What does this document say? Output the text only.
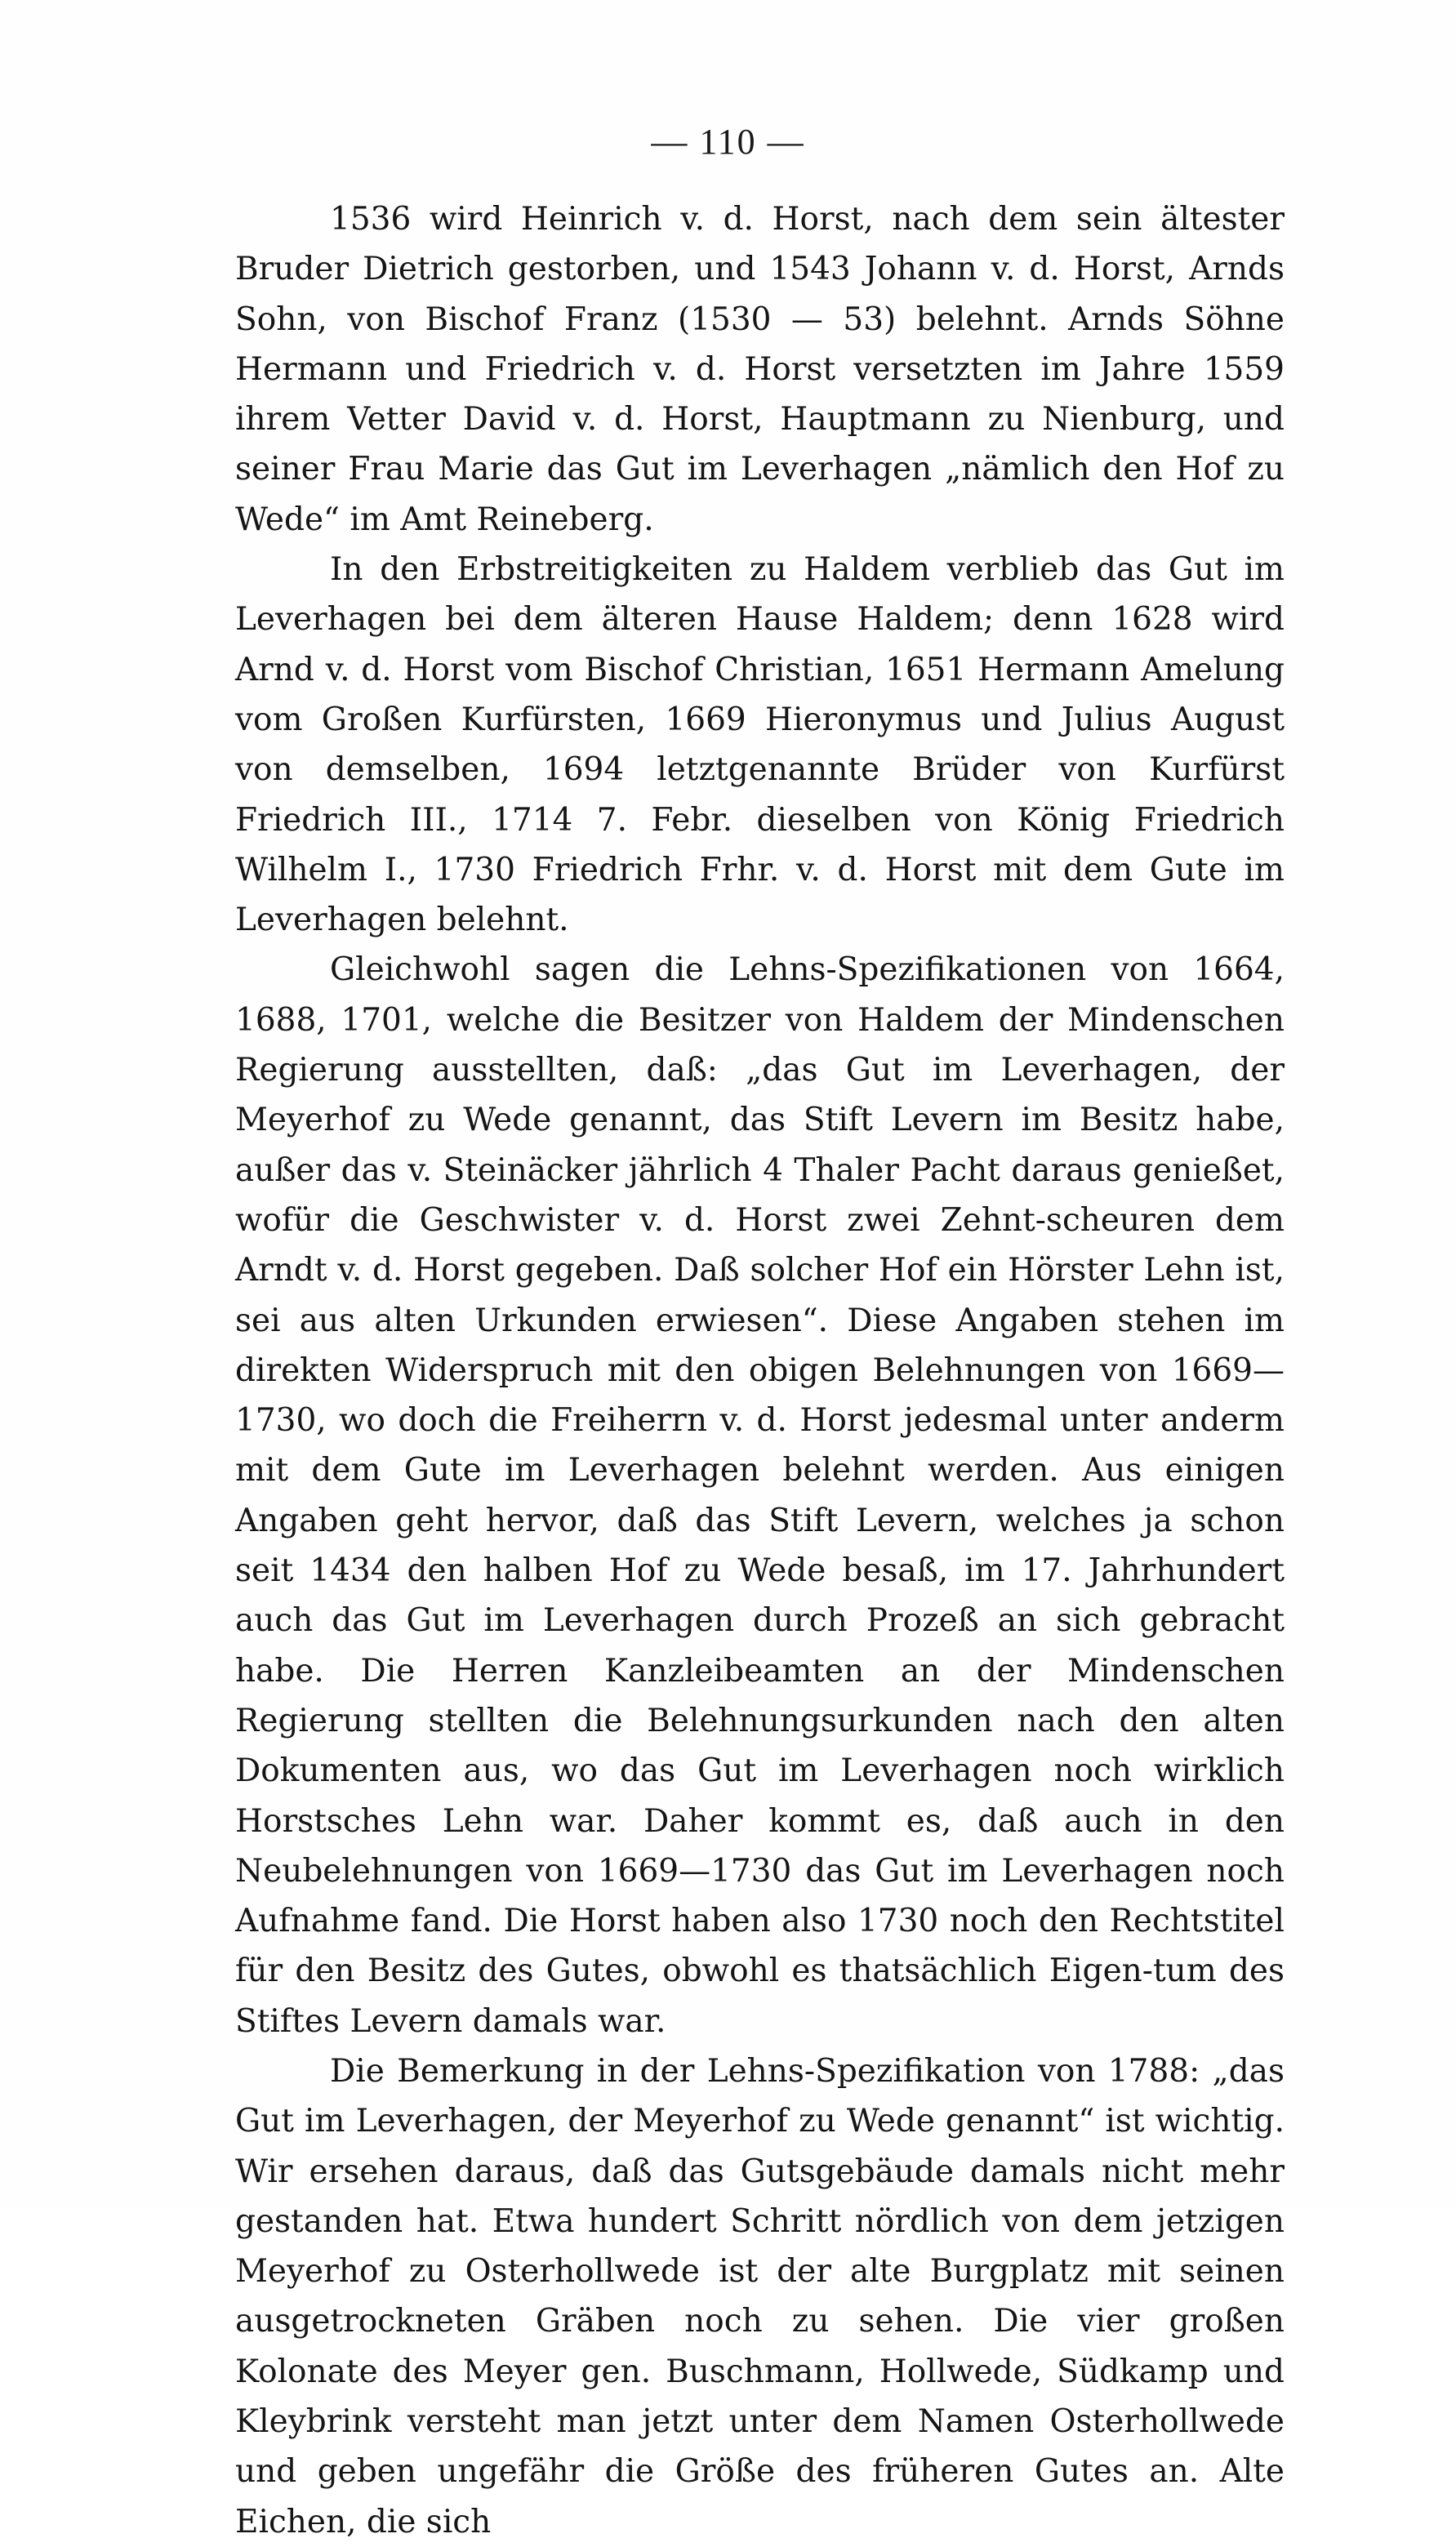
— 110 —

1536 wird Heinrich v. d. Horst, nach dem sein ältester Bruder Dietrich gestorben, und 1543 Johann v. d. Horst, Arnds Sohn, von Bischof Franz (1530 — 53) belehnt. Arnds Söhne Hermann und Friedrich v. d. Horst versetzten im Jahre 1559 ihrem Vetter David v. d. Horst, Hauptmann zu Nienburg, und seiner Frau Marie das Gut im Leverhagen „nämlich den Hof zu Wede“ im Amt Reineberg.

In den Erbstreitigkeiten zu Haldem verblieb das Gut im Leverhagen bei dem älteren Hause Haldem; denn 1628 wird Arnd v. d. Horst vom Bischof Christian, 1651 Hermann Amelung vom Großen Kurfürsten, 1669 Hieronymus und Julius August von demselben, 1694 letztgenannte Brüder von Kurfürst Friedrich III., 1714 7. Febr. dieselben von König Friedrich Wilhelm I., 1730 Friedrich Frhr. v. d. Horst mit dem Gute im Leverhagen belehnt.

Gleichwohl sagen die Lehns-Spezifikationen von 1664, 1688, 1701, welche die Besitzer von Haldem der Mindenschen Regierung ausstellten, daß: „das Gut im Leverhagen, der Meyerhof zu Wede genannt, das Stift Levern im Besitz habe, außer das v. Steinäcker jährlich 4 Thaler Pacht daraus genießet, wofür die Geschwister v. d. Horst zwei Zehnt-scheuren dem Arndt v. d. Horst gegeben. Daß solcher Hof ein Hörster Lehn ist, sei aus alten Urkunden erwiesen“. Diese Angaben stehen im direkten Widerspruch mit den obigen Belehnungen von 1669—1730, wo doch die Freiherrn v. d. Horst jedesmal unter anderm mit dem Gute im Leverhagen belehnt werden. Aus einigen Angaben geht hervor, daß das Stift Levern, welches ja schon seit 1434 den halben Hof zu Wede besaß, im 17. Jahrhundert auch das Gut im Leverhagen durch Prozeß an sich gebracht habe. Die Herren Kanzleibeamten an der Mindenschen Regierung stellten die Belehnungsurkunden nach den alten Dokumenten aus, wo das Gut im Leverhagen noch wirklich Horstsches Lehn war. Daher kommt es, daß auch in den Neubelehnungen von 1669—1730 das Gut im Leverhagen noch Aufnahme fand. Die Horst haben also 1730 noch den Rechtstitel für den Besitz des Gutes, obwohl es thatsächlich Eigen-tum des Stiftes Levern damals war.

Die Bemerkung in der Lehns-Spezifikation von 1788: „das Gut im Leverhagen, der Meyerhof zu Wede genannt“ ist wichtig. Wir ersehen daraus, daß das Gutsgebäude damals nicht mehr gestanden hat. Etwa hundert Schritt nördlich von dem jetzigen Meyerhof zu Osterhollwede ist der alte Burgplatz mit seinen ausgetrockneten Gräben noch zu sehen. Die vier großen Kolonate des Meyer gen. Buschmann, Hollwede, Südkamp und Kleybrink versteht man jetzt unter dem Namen Osterhollwede und geben ungefähr die Größe des früheren Gutes an. Alte Eichen, die sich
